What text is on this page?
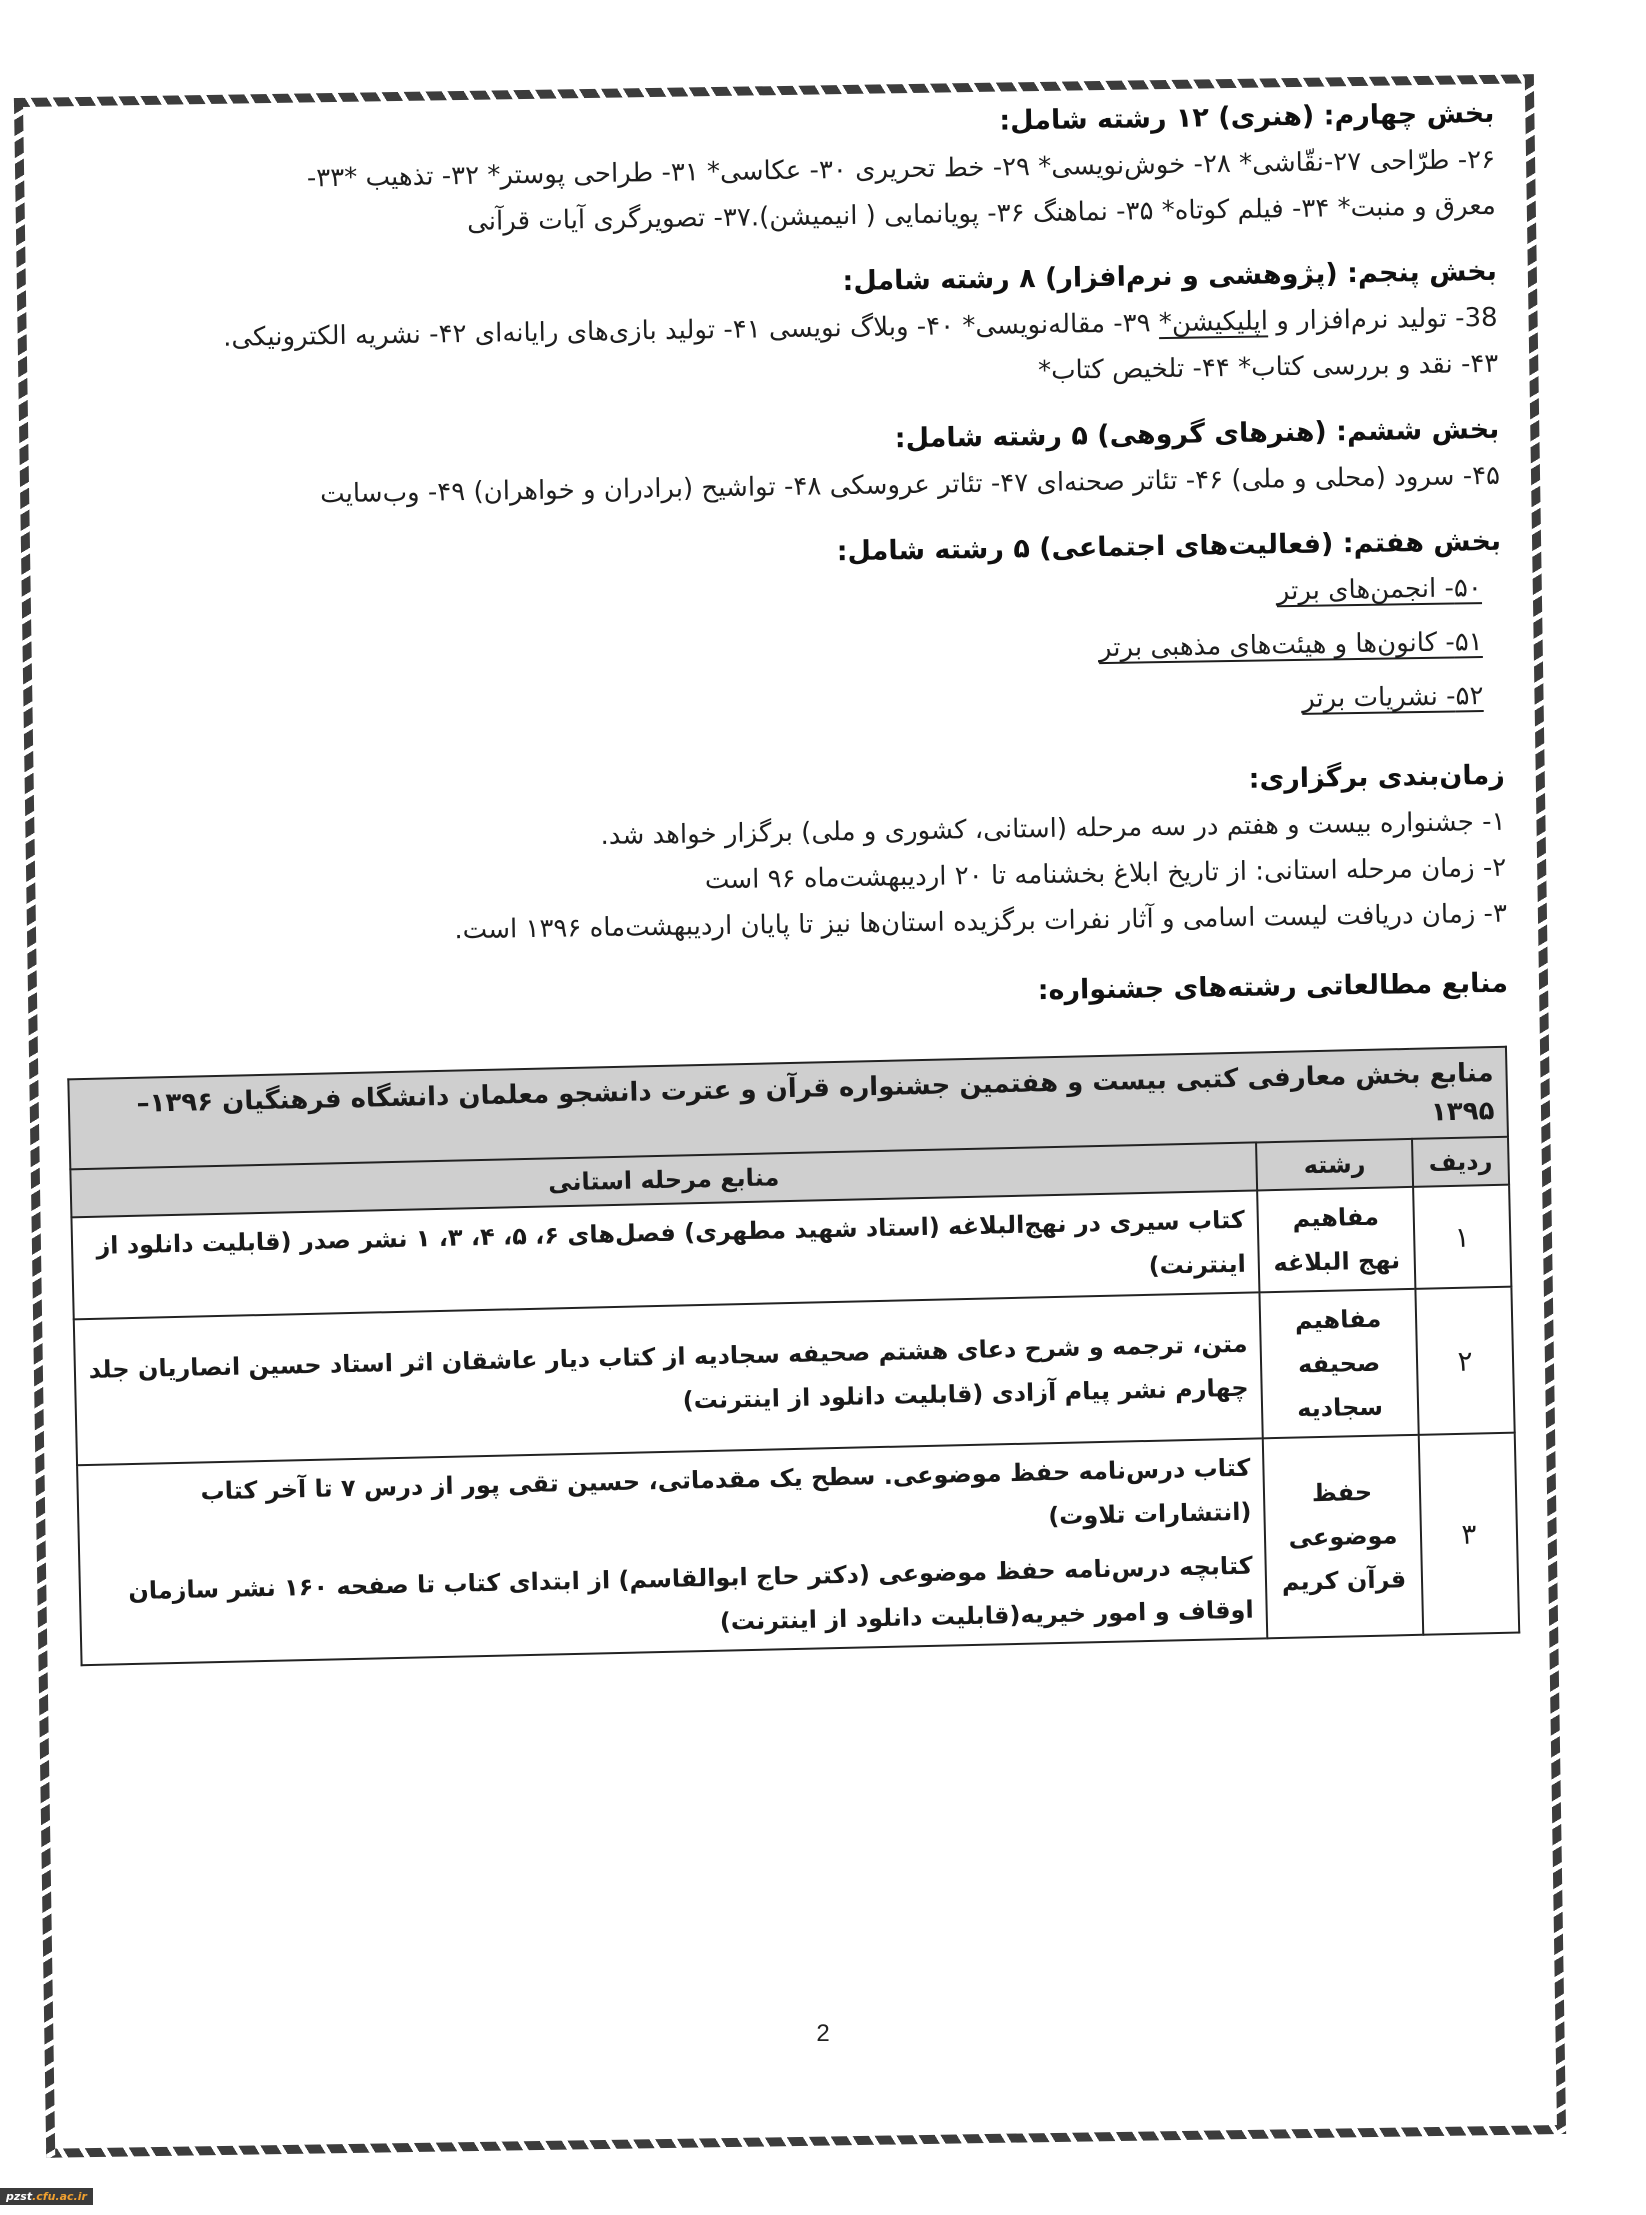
بخش چهارم: (هنری) ۱۲ رشته شامل:

۲۶- طرّاحی ۲۷-نقّاشی* ۲۸- خوش‌نویسی* ۲۹- خط تحریری ۳۰- عکاسی* ۳۱- طراحی پوستر* ۳۲- تذهیب *۳۳-

معرق و منبت* ۳۴- فیلم کوتاه* ۳۵- نماهنگ ۳۶- پویانمایی ( انیمیشن).۳۷- تصویرگری آیات قرآنی

بخش پنجم: (پژوهشی و نرم‌افزار) ۸ رشته شامل:

38- تولید نرم‌افزار و اپلیکیشن* ۳۹- مقاله‌نویسی* ۴۰- وبلاگ نویسی ۴۱- تولید بازی‌های رایانه‌ای ۴۲- نشریه الکترونیکی.

۴۳- نقد و بررسی کتاب* ۴۴- تلخیص کتاب*

بخش ششم: (هنرهای گروهی) ۵ رشته شامل:

۴۵- سرود (محلی و ملی) ۴۶- تئاتر صحنه‌ای ۴۷- تئاتر عروسکی ۴۸- تواشیح (برادران و خواهران) ۴۹- وب‌سایت

بخش هفتم: (فعالیت‌های اجتماعی) ۵ رشته شامل:

۵۰- انجمن‌های برتر

۵۱- کانون‌ها و هیئت‌های مذهبی برتر

۵۲- نشریات برتر

زمان‌بندی برگزاری:

۱- جشنواره بیست و هفتم در سه مرحله (استانی، کشوری و ملی) برگزار خواهد شد.

۲- زمان مرحله استانی: از تاریخ ابلاغ بخشنامه تا ۲۰ اردیبهشت‌ماه ۹۶ است

۳- زمان دریافت لیست اسامی و آثار نفرات برگزیده استان‌ها نیز تا پایان اردیبهشت‌ماه ۱۳۹۶ است.

منابع مطالعاتی رشته‌های جشنواره:

منابع بخش معارفی کتبی بیست و هفتمین جشنواره قرآن و عترت دانشجو معلمان دانشگاه فرهنگیان ۱۳۹۶–۱۳۹۵		
ردیف	رشته	منابع مرحله استانی
۱	مفاهیم نهج البلاغه	کتاب سیری در نهج‌البلاغه (استاد شهید مطهری) فصل‌های ۶، ۵، ۴، ۳، ۱ نشر صدر (قابلیت دانلود از اینترنت)

۲	مفاهیم صحیفه سجادیه	متن، ترجمه و شرح دعای هشتم صحیفه سجادیه از کتاب دیار عاشقان اثر استاد حسین انصاریان جلد چهارم نشر پیام آزادی (قابلیت دانلود از اینترنت)

۳	حفظ موضوعی قرآن کریم	کتاب درس‌نامه حفظ موضوعی. سطح یک مقدماتی، حسین تقی پور از درس ۷ تا آخر کتاب (انتشارات تلاوت)
کتابچه درس‌نامه حفظ موضوعی (دکتر حاج ابوالقاسم) از ابتدای کتاب تا صفحه ۱۶۰ نشر سازمان اوقاف و امور خیریه(قابلیت دانلود از اینترنت)
2
pzst.cfu.ac.ir
